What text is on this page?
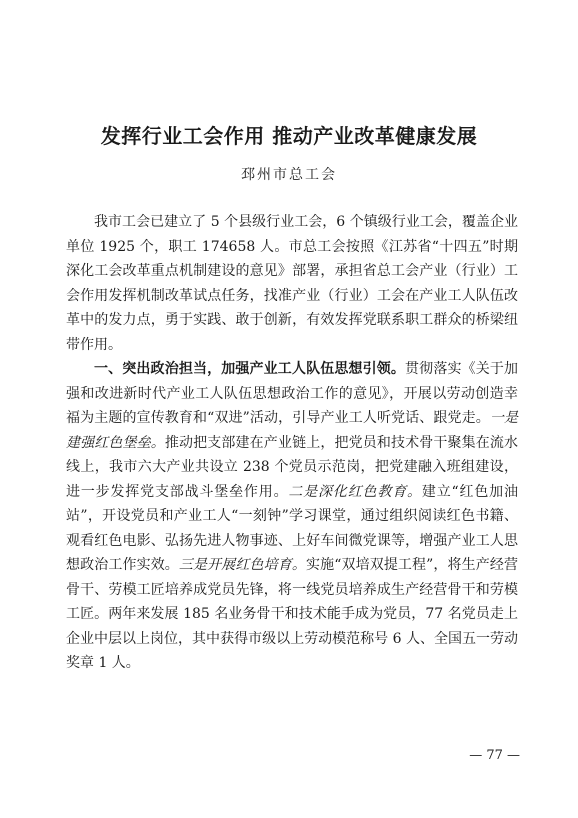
发挥行业工会作用 推动产业改革健康发展
邳州市总工会

我市工会已建立了 5 个县级行业工会，6 个镇级行业工会，覆盖企业单位 1925 个，职工 174658 人。市总工会按照《江苏省“十四五”时期深化工会改革重点机制建设的意见》部署，承担省总工会产业（行业）工会作用发挥机制改革试点任务，找准产业（行业）工会在产业工人队伍改革中的发力点，勇于实践、敢于创新，有效发挥党联系职工群众的桥梁纽带作用。

一、突出政治担当，加强产业工人队伍思想引领。贯彻落实《关于加强和改进新时代产业工人队伍思想政治工作的意见》，开展以劳动创造幸福为主题的宣传教育和“双进”活动，引导产业工人听党话、跟党走。一是建强红色堡垒。推动把支部建在产业链上，把党员和技术骨干聚集在流水线上，我市六大产业共设立 238 个党员示范岗，把党建融入班组建设，进一步发挥党支部战斗堡垒作用。二是深化红色教育。建立“红色加油站”，开设党员和产业工人“一刻钟”学习课堂，通过组织阅读红色书籍、观看红色电影、弘扬先进人物事迹、上好车间微党课等，增强产业工人思想政治工作实效。三是开展红色培育。实施“双培双提工程”，将生产经营骨干、劳模工匠培养成党员先锋，将一线党员培养成生产经营骨干和劳模工匠。两年来发展 185 名业务骨干和技术能手成为党员，77 名党员走上企业中层以上岗位，其中获得市级以上劳动模范称号 6 人、全国五一劳动奖章 1 人。

— 77 —
